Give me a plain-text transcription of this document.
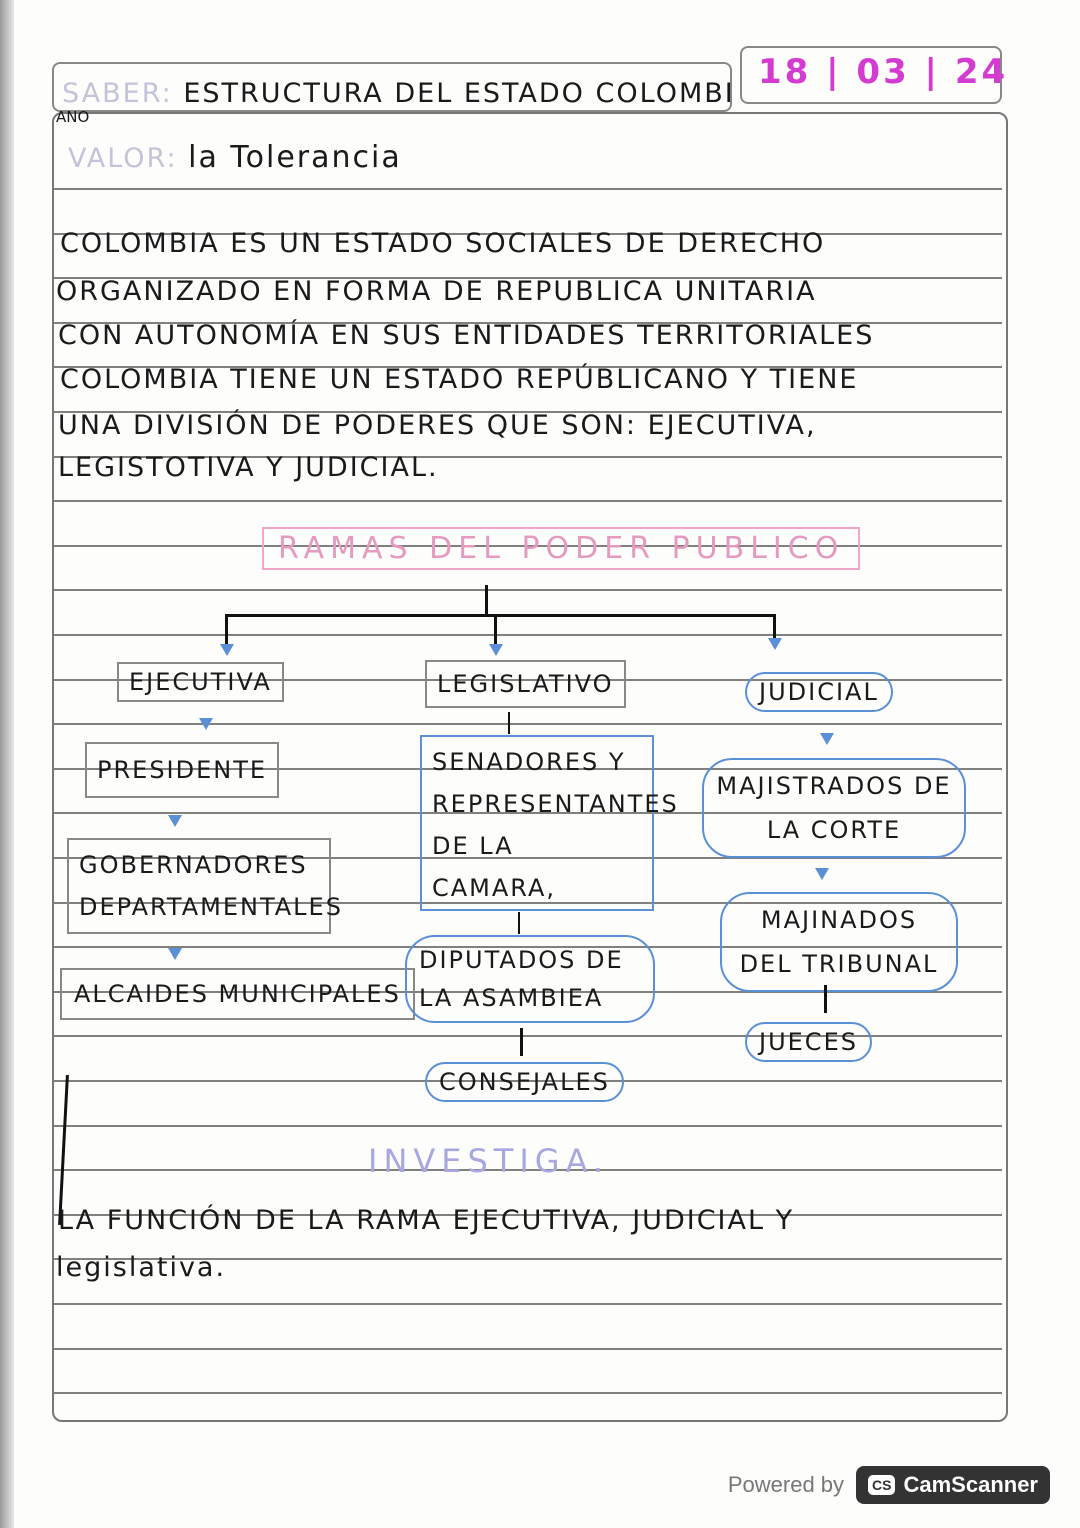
SABER: ESTRUCTURA DEL ESTADO COLOMBI
18 | 03 | 24
ANO
VALOR: la Tolerancia
COLOMBIA ES UN ESTADO SOCIALES DE DERECHO
ORGANIZADO EN FORMA DE REPUBLICA UNITARIA
CON AUTONOMÍA EN SUS ENTIDADES TERRITORIALES
COLOMBIA TIENE UN ESTADO REPÚBLICANO Y TIENE
UNA DIVISIÓN DE PODERES QUE SON: EJECUTIVA,
LEGISTOTIVA Y JUDICIAL.
RAMAS DEL PODER PUBLICO
EJECUTIVA
PRESIDENTE
GOBERNADORES DEPARTAMENTALES
ALCAIDES MUNICIPALES
LEGISLATIVO
SENADORES Y REPRESENTANTES DE LA CAMARA,
DIPUTADOS DE LA ASAMBIEA
CONSEJALES
JUDICIAL
MAJISTRADOS DE LA CORTE
MAJINADOS DEL TRIBUNAL
JUECES
INVESTIGA.
LA FUNCIÓN DE LA RAMA EJECUTIVA, JUDICIAL Y
legislativa.
Powered by CS CamScanner
